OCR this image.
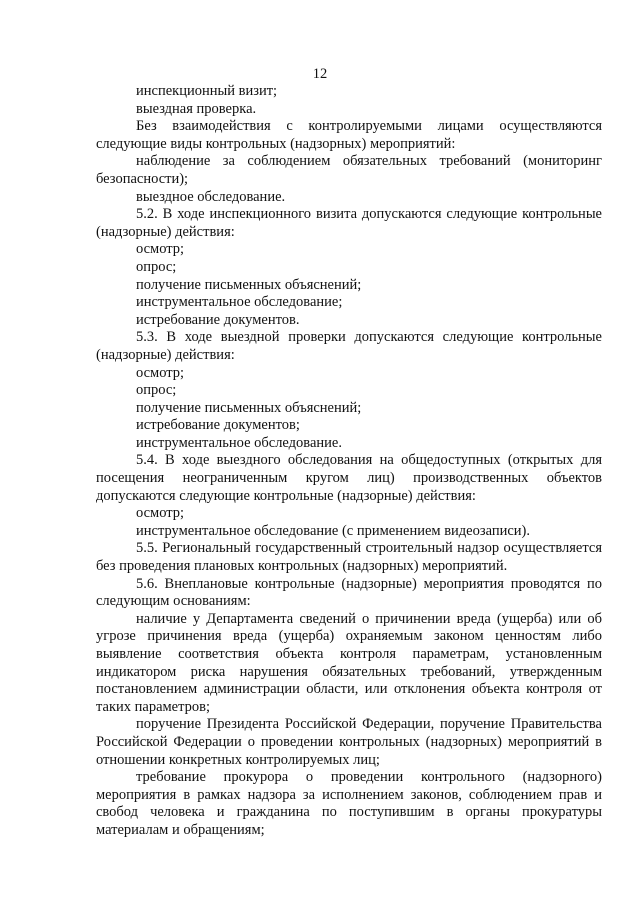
12

инспекционный визит;

выездная проверка.

Без взаимодействия с контролируемыми лицами осуществляются следующие виды контрольных (надзорных) мероприятий:

наблюдение за соблюдением обязательных требований (мониторинг безопасности);

выездное обследование.

5.2. В ходе инспекционного визита допускаются следующие контрольные (надзорные) действия:

осмотр;

опрос;

получение письменных объяснений;

инструментальное обследование;

истребование документов.

5.3. В ходе выездной проверки допускаются следующие контрольные (надзорные) действия:

осмотр;

опрос;

получение письменных объяснений;

истребование документов;

инструментальное обследование.

5.4. В ходе выездного обследования на общедоступных (открытых для посещения неограниченным кругом лиц) производственных объектов допускаются следующие контрольные (надзорные) действия:

осмотр;

инструментальное обследование (с применением видеозаписи).

5.5. Региональный государственный строительный надзор осуществляется без проведения плановых контрольных (надзорных) мероприятий.

5.6. Внеплановые контрольные (надзорные) мероприятия проводятся по следующим основаниям:

наличие у Департамента сведений о причинении вреда (ущерба) или об угрозе причинения вреда (ущерба) охраняемым законом ценностям либо выявление соответствия объекта контроля параметрам, установленным индикатором риска нарушения обязательных требований, утвержденным постановлением администрации области, или отклонения объекта контроля от таких параметров;

поручение Президента Российской Федерации, поручение Правительства Российской Федерации о проведении контрольных (надзорных) мероприятий в отношении конкретных контролируемых лиц;

требование прокурора о проведении контрольного (надзорного) мероприятия в рамках надзора за исполнением законов, соблюдением прав и свобод человека и гражданина по поступившим в органы прокуратуры материалам и обращениям;
